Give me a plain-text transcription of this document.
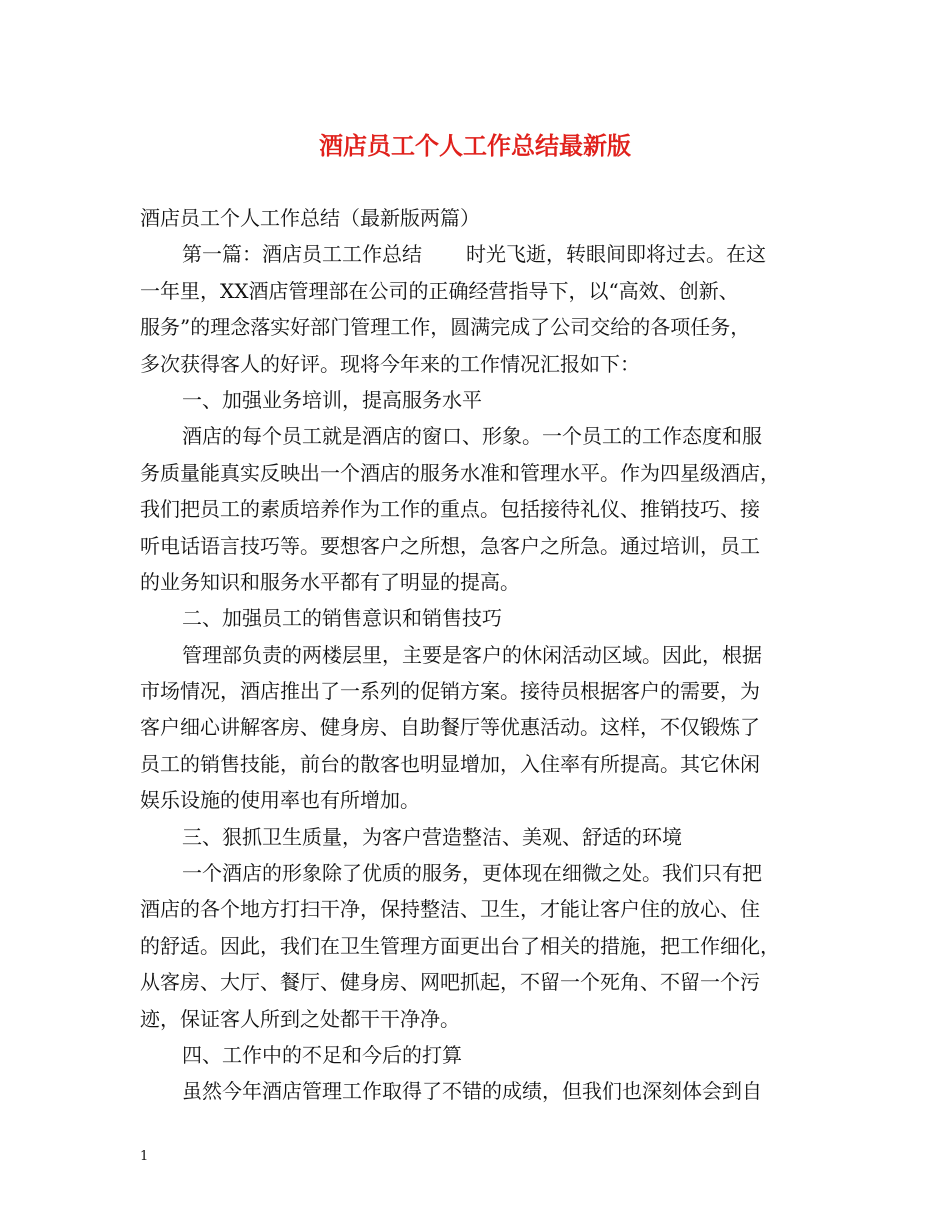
酒店员工个人工作总结最新版

酒店员工个人工作总结（最新版两篇）

第一篇：酒店员工工作总结 时光飞逝，转眼间即将过去。在这

一年里，XX酒店管理部在公司的正确经营指导下，以“高效、创新、

服务”的理念落实好部门管理工作，圆满完成了公司交给的各项任务，

多次获得客人的好评。现将今年来的工作情况汇报如下：

一、加强业务培训，提高服务水平

酒店的每个员工就是酒店的窗口、形象。一个员工的工作态度和服

务质量能真实反映出一个酒店的服务水准和管理水平。作为四星级酒店，

我们把员工的素质培养作为工作的重点。包括接待礼仪、推销技巧、接

听电话语言技巧等。要想客户之所想，急客户之所急。通过培训，员工

的业务知识和服务水平都有了明显的提高。

二、加强员工的销售意识和销售技巧

管理部负责的两楼层里，主要是客户的休闲活动区域。因此，根据

市场情况，酒店推出了一系列的促销方案。接待员根据客户的需要，为

客户细心讲解客房、健身房、自助餐厅等优惠活动。这样，不仅锻炼了

员工的销售技能，前台的散客也明显增加，入住率有所提高。其它休闲

娱乐设施的使用率也有所增加。

三、狠抓卫生质量，为客户营造整洁、美观、舒适的环境

一个酒店的形象除了优质的服务，更体现在细微之处。我们只有把

酒店的各个地方打扫干净，保持整洁、卫生，才能让客户住的放心、住

的舒适。因此，我们在卫生管理方面更出台了相关的措施，把工作细化，

从客房、大厅、餐厅、健身房、网吧抓起，不留一个死角、不留一个污

迹，保证客人所到之处都干干净净。

四、工作中的不足和今后的打算

虽然今年酒店管理工作取得了不错的成绩，但我们也深刻体会到自

1
